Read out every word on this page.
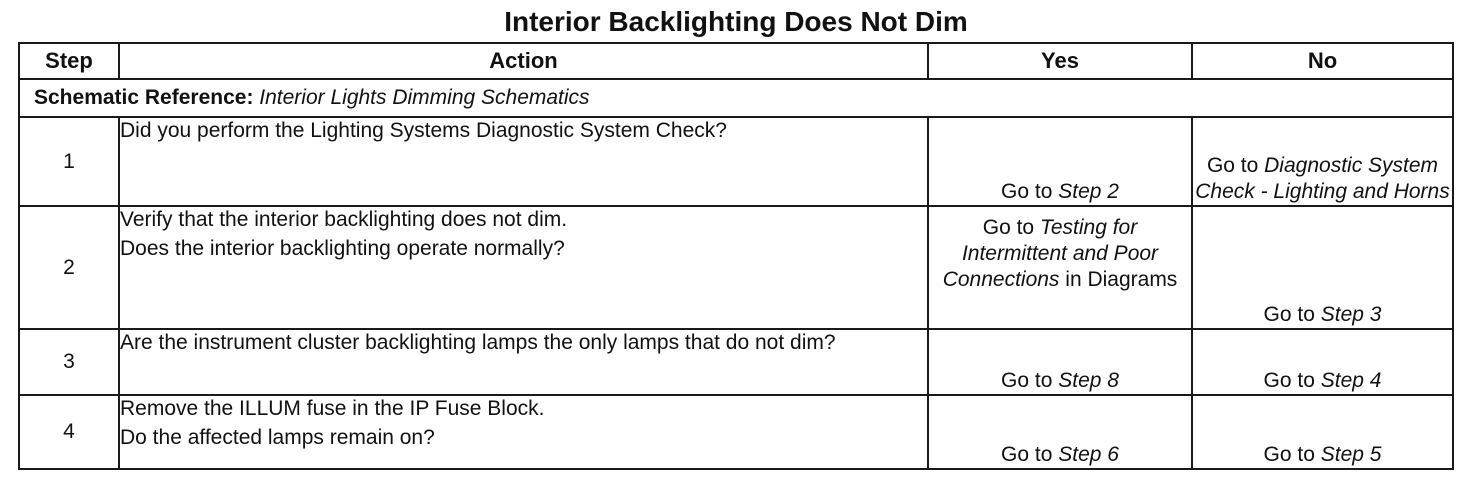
Interior Backlighting Does Not Dim
Step	Action	Yes	No
Schematic Reference: Interior Lights Dimming Schematics			
1	Did you perform the Lighting Systems Diagnostic System Check?	Go to Step 2	Go to Diagnostic System Check - Lighting and Horns
2	Verify that the interior backlighting does not dim.
Does the interior backlighting operate normally?	Go to Testing for Intermittent and Poor Connections in Diagrams	Go to Step 3
3	Are the instrument cluster backlighting lamps the only lamps that do not dim?	Go to Step 8	Go to Step 4
4	Remove the ILLUM fuse in the IP Fuse Block.
Do the affected lamps remain on?	Go to Step 6	Go to Step 5
